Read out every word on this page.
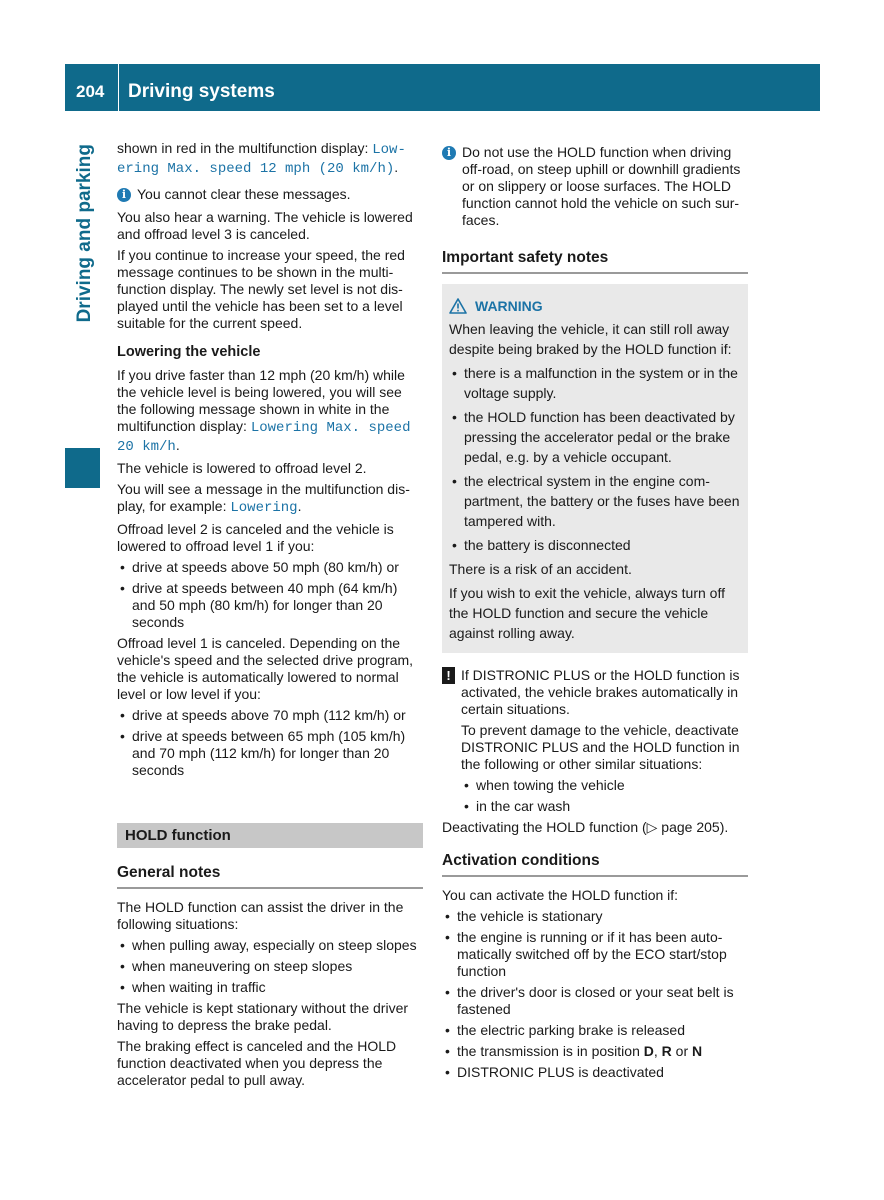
204 Driving systems
Driving and parking shown in red in the multifunction display: Low‐ering Max. speed 12 mph (20 km/h).

i You cannot clear these messages.

You also hear a warning. The vehicle is lowered and offroad level 3 is canceled.

If you continue to increase your speed, the red message continues to be shown in the multi-function display. The newly set level is not dis-played until the vehicle has been set to a level suitable for the current speed.

Lowering the vehicle

If you drive faster than 12 mph (20 km/h) while the vehicle level is being lowered, you will see the following message shown in white in the multifunction display: Lowering Max. speed 20 km/h.

The vehicle is lowered to offroad level 2.

You will see a message in the multifunction dis-play, for example: Lowering.

Offroad level 2 is canceled and the vehicle is lowered to offroad level 1 if you:

• drive at speeds above 50 mph (80 km/h) or
• drive at speeds between 40 mph (64 km/h) and 50 mph (80 km/h) for longer than 20 seconds

Offroad level 1 is canceled. Depending on the vehicle's speed and the selected drive program, the vehicle is automatically lowered to normal level or low level if you:

• drive at speeds above 70 mph (112 km/h) or
• drive at speeds between 65 mph (105 km/h) and 70 mph (112 km/h) for longer than 20 seconds
HOLD function
General notes

The HOLD function can assist the driver in the following situations:

• when pulling away, especially on steep slopes
• when maneuvering on steep slopes
• when waiting in traffic

The vehicle is kept stationary without the driver having to depress the brake pedal.

The braking effect is canceled and the HOLD function deactivated when you depress the accelerator pedal to pull away.

i Do not use the HOLD function when driving off-road, on steep uphill or downhill gradients or on slippery or loose surfaces. The HOLD function cannot hold the vehicle on such sur-faces.
Important safety notes
WARNING

When leaving the vehicle, it can still roll away despite being braked by the HOLD function if:

• there is a malfunction in the system or in the voltage supply.
• the HOLD function has been deactivated by pressing the accelerator pedal or the brake pedal, e.g. by a vehicle occupant.
• the electrical system in the engine com-partment, the battery or the fuses have been tampered with.
• the battery is disconnected

There is a risk of an accident.

If you wish to exit the vehicle, always turn off the HOLD function and secure the vehicle against rolling away.

! If DISTRONIC PLUS or the HOLD function is activated, the vehicle brakes automatically in certain situations.

To prevent damage to the vehicle, deactivate DISTRONIC PLUS and the HOLD function in the following or other similar situations:

• when towing the vehicle
• in the car wash

Deactivating the HOLD function (▷ page 205).

Activation conditions

You can activate the HOLD function if:

• the vehicle is stationary
• the engine is running or if it has been auto-matically switched off by the ECO start/stop function
• the driver's door is closed or your seat belt is fastened
• the electric parking brake is released
• the transmission is in position D, R or N
• DISTRONIC PLUS is deactivated
